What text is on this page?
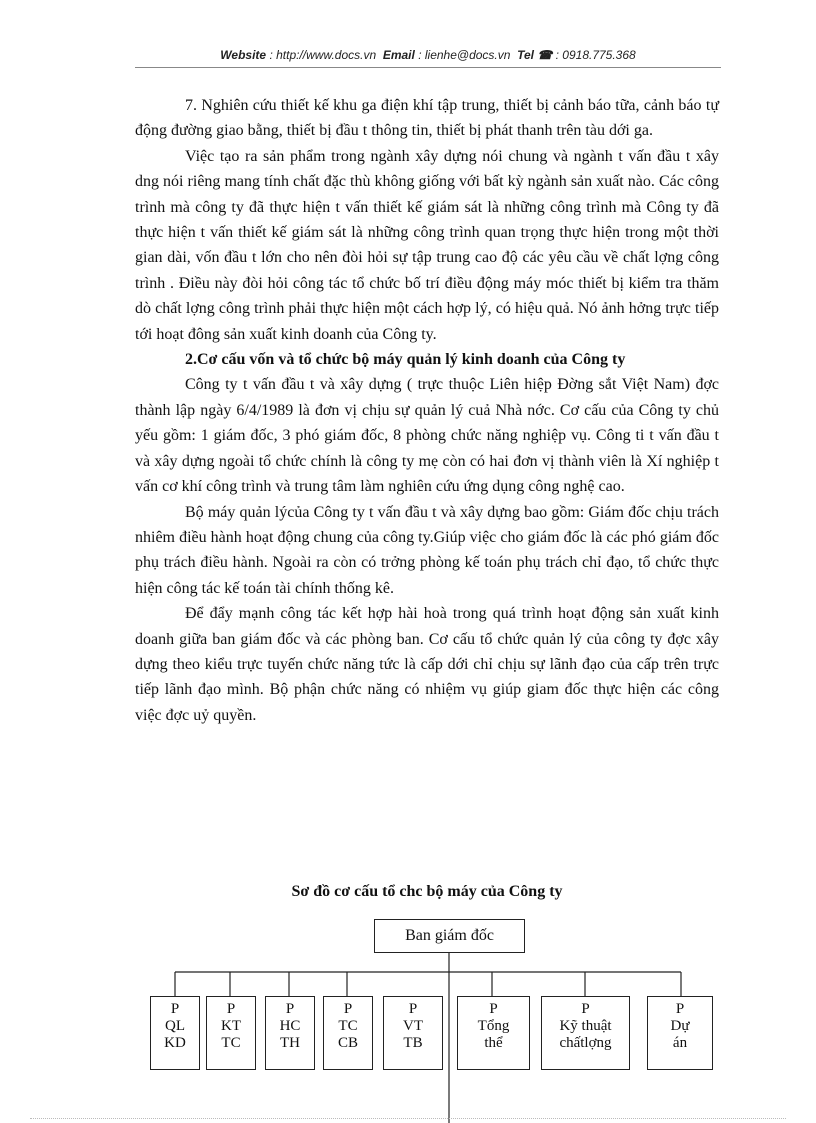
Website : http://www.docs.vn Email : lienhe@docs.vn Tel ☎ : 0918.775.368

7. Nghiên cứu thiết kế khu ga điện khí tập trung, thiết bị cảnh báo tữa, cảnh báo tự động đường giao bằng, thiết bị đầu t thông tin, thiết bị phát thanh trên tàu dới ga.

Việc tạo ra sản phẩm trong ngành xây dựng nói chung và ngành t vấn đầu t xây dng nói riêng mang tính chất đặc thù không giống với bất kỳ ngành sản xuất nào. Các công trình mà công ty đã thực hiện t vấn thiết kế giám sát là những công trình mà Công ty đã thực hiện t vấn thiết kế giám sát là những công trình quan trọng thực hiện trong một thời gian dài, vốn đầu t lớn cho nên đòi hỏi sự tập trung cao độ các yêu cầu về chất lợng công trình . Điều này đòi hỏi công tác tổ chức bố trí điều động máy móc thiết bị kiểm tra thăm dò chất lợng công trình phải thực hiện một cách hợp lý, có hiệu quả. Nó ảnh hởng trực tiếp tới hoạt đông sản xuất kinh doanh của Công ty.

2.Cơ cấu vốn và tổ chức bộ máy quản lý kinh doanh của Công ty

Công ty t vấn đầu t và xây dựng ( trực thuộc Liên hiệp Đờng sắt Việt Nam) đợc thành lập ngày 6/4/1989 là đơn vị chịu sự quản lý cuả Nhà nớc. Cơ cấu của Công ty chủ yếu gồm: 1 giám đốc, 3 phó giám đốc, 8 phòng chức năng nghiệp vụ. Công ti t vấn đầu t và xây dựng ngoài tổ chức chính là công ty mẹ còn có hai đơn vị thành viên là Xí nghiệp t vấn cơ khí công trình và trung tâm làm nghiên cứu ứng dụng công nghệ cao.

Bộ máy quản lýcủa Công ty t vấn đầu t và xây dựng bao gồm: Giám đốc chịu trách nhiêm điều hành hoạt động chung của công ty.Giúp việc cho giám đốc là các phó giám đốc phụ trách điều hành. Ngoài ra còn có trởng phòng kế toán phụ trách chỉ đạo, tổ chức thực hiện công tác kế toán tài chính thống kê.

Để đẩy mạnh công tác kết hợp hài hoà trong quá trình hoạt động sản xuất kinh doanh giữa ban giám đốc và các phòng ban. Cơ cấu tổ chức quản lý của công ty đợc xây dựng theo kiểu trực tuyến chức năng tức là cấp dới chỉ chịu sự lãnh đạo của cấp trên trực tiếp lãnh đạo mình. Bộ phận chức năng có nhiệm vụ giúp giam đốc thực hiện các công việc đợc uỷ quyền.

Sơ đồ cơ cấu tổ chc bộ máy của Công ty
Ban giám đốc
P
QL
KD
P
KT
TC
P
HC
TH
P
TC
CB
P
VT
TB
P
Tổng
thể
P
Kỹ thuật
chấtlợng
P
Dự
án
